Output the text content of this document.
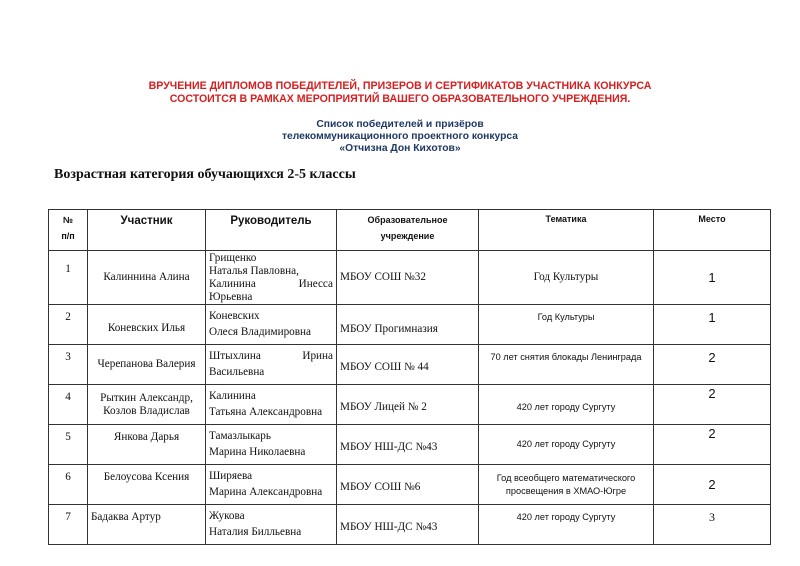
ВРУЧЕНИЕ ДИПЛОМОВ ПОБЕДИТЕЛЕЙ, ПРИЗЕРОВ И СЕРТИФИКАТОВ УЧАСТНИКА КОНКУРСА
СОСТОИТСЯ В РАМКАХ МЕРОПРИЯТИЙ ВАШЕГО ОБРАЗОВАТЕЛЬНОГО УЧРЕЖДЕНИЯ.
Список победителей и призёров
телекоммуникационного проектного конкурса
«Отчизна Дон Кихотов»
Возрастная категория обучающихся 2-5 классы
№
п/п	Участник	Руководитель	Образовательное
учреждение	Тематика	Место
1	Калиннина Алина	Грищенко
Наталья Павловна,
Калинина Инесса
Юрьевна	МБОУ СОШ №32	Год Культуры	1
2	Коневских Илья	Коневских
Олеся Владимировна	МБОУ Прогимназия	Год Культуры	1
3	Черепанова Валерия	Штыхлина Ирина
Васильевна	МБОУ СОШ № 44	70 лет снятия блокады Ленинграда	2
4	Рыткин Александр,
Козлов Владислав	Калинина
Татьяна Александровна	МБОУ Лицей № 2	420 лет городу Сургуту	2
5	Янкова Дарья	Тамазлыкарь
Марина Николаевна	МБОУ НШ-ДС №43	420 лет городу Сургуту	2
6	Белоусова Ксения	Ширяева
Марина Александровна	МБОУ СОШ №6	Год всеобщего математического
просвещения в ХМАО-Югре	2
7	Бадаква Артур	Жукова
Наталия Билльевна	МБОУ НШ-ДС №43	420 лет городу Сургуту	3
